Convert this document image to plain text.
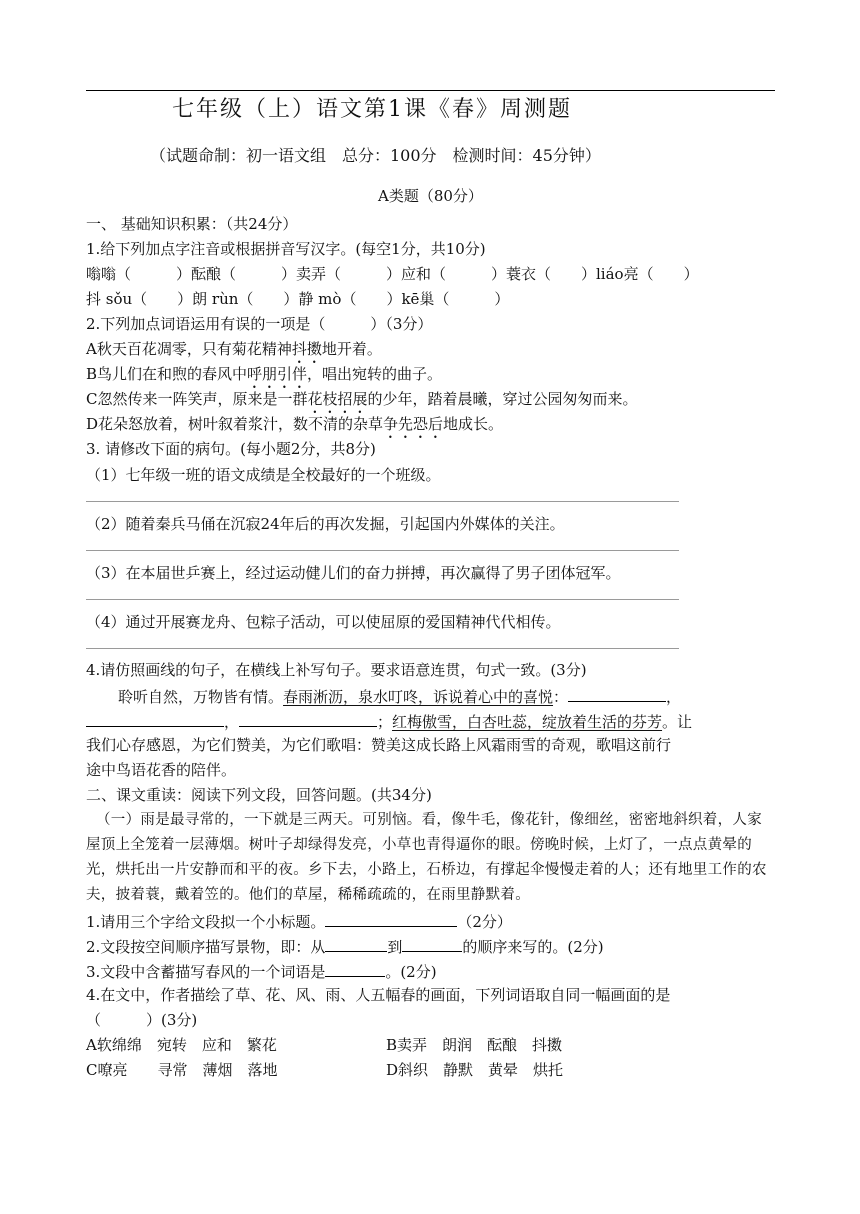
七年级（上）语文第1课《春》周测题
（试题命制：初一语文组　总分：100分　检测时间：45分钟）
A类题（80分）
一、 基础知识积累：（共24分）
1.给下列加点字注音或根据拼音写汉字。(每空1分，共10分)
嗡嗡（　　　）酝酿（　　　）卖弄（　　　）应和（　　　）蓑衣（　　）liáo亮（　　）
抖 sǒu（　　）朗 rùn（　　）静 mò（　　）kē巢（　　　）
2.下列加点词语运用有误的一项是（　　　）（3分）
A秋天百花凋零，只有菊花精神抖擞地开着。
B鸟儿们在和煦的春风中呼朋引伴，唱出宛转的曲子。
C忽然传来一阵笑声，原来是一群花枝招展的少年，踏着晨曦，穿过公园匆匆而来。
D花朵怒放着，树叶叙着浆汁，数不清的杂草争先恐后地成长。
3. 请修改下面的病句。(每小题2分，共8分)
（1）七年级一班的语文成绩是全校最好的一个班级。
（2）随着秦兵马俑在沉寂24年后的再次发掘，引起国内外媒体的关注。
（3）在本届世乒赛上，经过运动健儿们的奋力拼搏，再次赢得了男子团体冠军。
（4）通过开展赛龙舟、包粽子活动，可以使屈原的爱国精神代代相传。
4.请仿照画线的句子，在横线上补写句子。要求语意连贯，句式一致。(3分)
聆听自然，万物皆有情。春雨淅沥，泉水叮咚，诉说着心中的喜悦：	，
，	；红梅傲雪，白杏吐蕊，绽放着生活的芬芳。让
我们心存感恩，为它们赞美，为它们歌唱：赞美这成长路上风霜雨雪的奇观，歌唱这前行
途中鸟语花香的陪伴。
二、课文重读：阅读下列文段，回答问题。(共34分)
（一）雨是最寻常的，一下就是三两天。可别恼。看，像牛毛，像花针，像细丝，密密地斜织着，人家屋顶上全笼着一层薄烟。树叶子却绿得发亮，小草也青得逼你的眼。傍晚时候，上灯了，一点点黄晕的光，烘托出一片安静而和平的夜。乡下去，小路上，石桥边，有撑起伞慢慢走着的人；还有地里工作的农夫，披着蓑，戴着笠的。他们的草屋，稀稀疏疏的，在雨里静默着。
1.请用三个字给文段拟一个小标题。	（2分）
2.文段按空间顺序描写景物，即：从	到	的顺序来写的。(2分)
3.文段中含蓄描写春风的一个词语是	。(2分)
4.在文中，作者描绘了草、花、风、雨、人五幅春的画面，下列词语取自同一幅画面的是
（　　　）(3分)
A软绵绵　宛转　应和　繁花	B卖弄　朗润　酝酿　抖擞
C嘹亮　　寻常　薄烟　落地	D斜织　静默　黄晕　烘托
